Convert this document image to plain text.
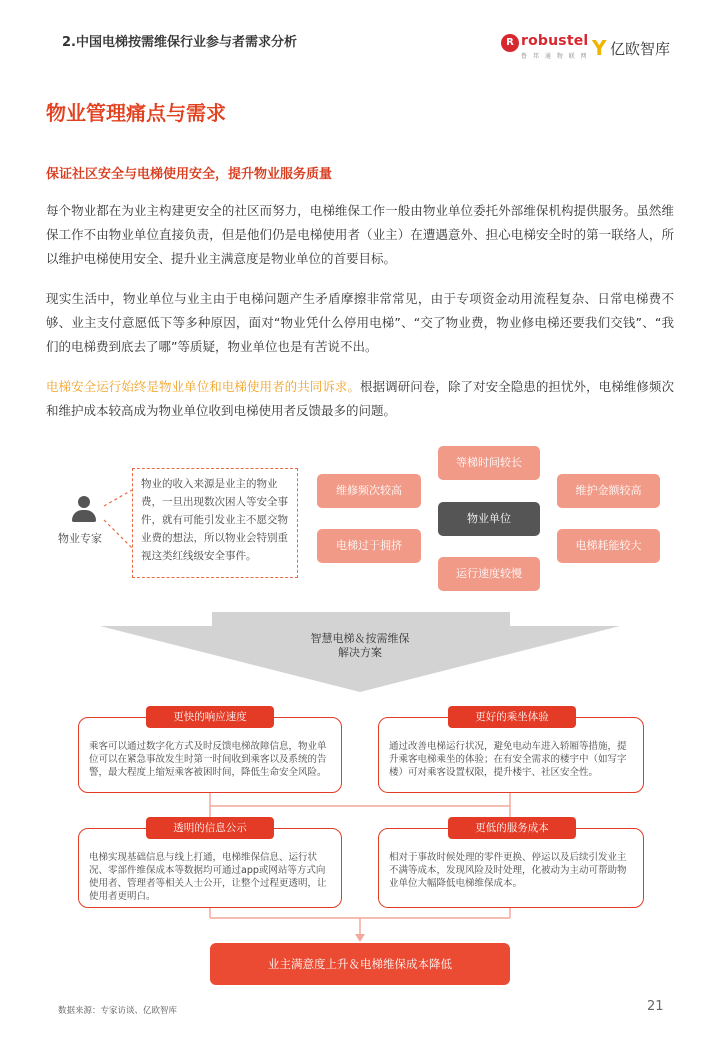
2.中国电梯按需维保行业参与者需求分析	R robustel
鲁 邦 通 物 联 网 Y 亿欧智库
物业管理痛点与需求
保证社区安全与电梯使用安全，提升物业服务质量
每个物业都在为业主构建更安全的社区而努力，电梯维保工作一般由物业单位委托外部维保机构提供服务。虽然维保工作不由物业单位直接负责，但是他们仍是电梯使用者（业主）在遭遇意外、担心电梯安全时的第一联络人，所以维护电梯使用安全、提升业主满意度是物业单位的首要目标。
现实生活中，物业单位与业主由于电梯问题产生矛盾摩擦非常常见，由于专项资金动用流程复杂、日常电梯费不够、业主支付意愿低下等多种原因，面对“物业凭什么停用电梯”、“交了物业费，物业修电梯还要我们交钱”、“我们的电梯费到底去了哪”等质疑，物业单位也是有苦说不出。
电梯安全运行始终是物业单位和电梯使用者的共同诉求。根据调研问卷，除了对安全隐患的担忧外，电梯维修频次和维护成本较高成为物业单位收到电梯使用者反馈最多的问题。
物业专家
物业的收入来源是业主的物业费，一旦出现数次困人等安全事件，就有可能引发业主不愿交物业费的想法，所以物业会特别重视这类红线级安全事件。
等梯时间较长
维修频次较高	维护金额较高
物业单位
电梯过于拥挤	电梯耗能较大
运行速度较慢
智慧电梯＆按需维保
解决方案
乘客可以通过数字化方式及时反馈电梯故障信息，物业单位可以在紧急事故发生时第一时间收到乘客以及系统的告警，最大程度上缩短乘客被困时间，降低生命安全风险。
更快的响应速度
通过改善电梯运行状况，避免电动车进入轿厢等措施，提升乘客电梯乘坐的体验；在有安全需求的楼宇中（如写字楼）可对乘客设置权限，提升楼宇、社区安全性。
更好的乘坐体验
电梯实现基础信息与线上打通，电梯维保信息、运行状况、零部件维保成本等数据均可通过app或网站等方式向使用者、管理者等相关人士公开，让整个过程更透明，让使用者更明白。
透明的信息公示
相对于事故时候处理的零件更换、停运以及后续引发业主不满等成本，发现风险及时处理，化被动为主动可帮助物业单位大幅降低电梯维保成本。
更低的服务成本
业主满意度上升＆电梯维保成本降低
数据来源：专家访谈、亿欧智库	21
